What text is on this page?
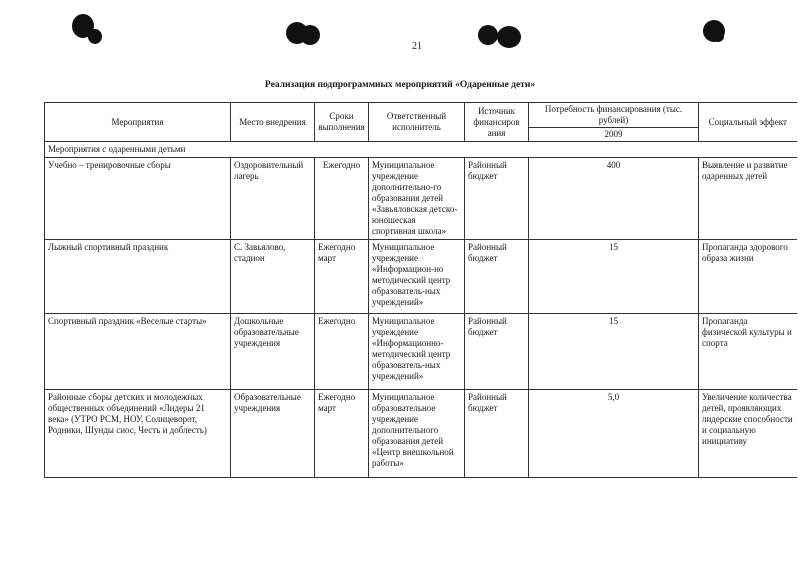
21
Реализация подпрограммных мероприятий «Одаренные дети»
Мероприятия	Место внедрения	Сроки выполнения	Ответственный исполнитель	Источник финансиров ания	Потребность финансирования (тыс. рублей)	Социальный эффект
					2009	
Мероприятия с одаренными детьми						
Учебно – тренировочные сборы	Оздоровительный лагерь	Ежегодно	Муниципальное учреждение дополнительно-го образования детей «Завьяловская детско-юношеская спортивная школа»	Районный бюджет	400	Выявление и развитие одаренных детей
Лыжный спортивный праздник	С. Завьялово, стадион	Ежегодно март	Муниципальное учреждение «Информацион-но методический центр образователь-ных учреждений»	Районный бюджет	15	Пропаганда здорового образа жизни
Спортивный праздник «Веселые старты»	Дошкольные образовательные учреждения	Ежегодно	Муниципальное учреждение «Информационно-методический центр образователь-ных учреждений»	Районный бюджет	15	Пропаганда физической культуры и спорта
Районные сборы детских и молодежных общественных объединений «Лидеры 21 века» (УТРО РСМ, НОУ, Солнцеворот, Родники, Шунды сиос, Честь и доблесть)	Образовательные учреждения	Ежегодно март	Муниципальное образовательное учреждение дополнительного образования детей «Центр внешкольной работы»	Районный бюджет	5,0	Увеличение количества детей, проявляющих лидерские способности и социальную инициативу
